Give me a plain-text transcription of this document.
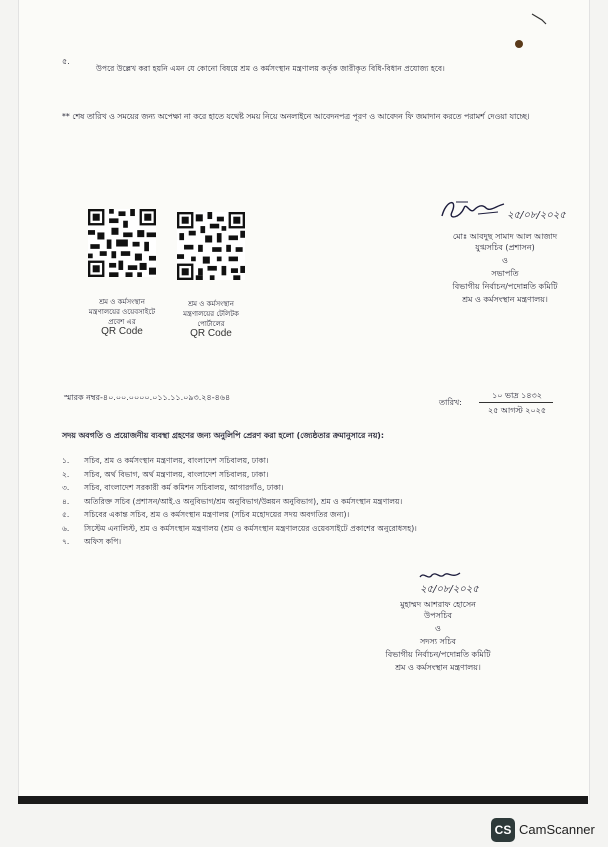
৫.
উপরে উল্লেখ করা হয়নি এমন যে কোনো বিষয়ে শ্রম ও কর্মসংস্থান মন্ত্রণালয় কর্তৃক জারীকৃত বিধি-বিধান প্রযোজ্য হবে।
** শেষ তারিখ ও সময়ের জন্য অপেক্ষা না করে হাতে যথেষ্ট সময় নিয়ে অনলাইনে আবেদনপত্র পূরণ ও আবেদন ফি জমাদান করতে পরামর্শ দেওয়া যাচ্ছে।
শ্রম ও কর্মসংস্থান
মন্ত্রণালয়ের ওয়েবসাইটে
প্রবেশ এর
QR Code
শ্রম ও কর্মসংস্থান
মন্ত্রণালয়ের টেলিটক
পোর্টালের
QR Code
২৫/০৮/২০২৫
মোঃ আবদুছ সামাদ আল আজাদ
যুগ্মসচিব (প্রশাসন)
ও
সভাপতি
বিভাগীয় নির্বাচন/পদোন্নতি কমিটি
শ্রম ও কর্মসংস্থান মন্ত্রণালয়।
স্মারক নম্বর-৪০.০০.০০০০.০১১.১১.০৯৩.২৪-৪৬৪
তারিখ:
১০ ভাদ্র ১৪৩২
২৫ আগস্ট ২০২৫
সদয় অবগতি ও প্রয়োজনীয় ব্যবস্থা গ্রহণের জন্য অনুলিপি প্রেরণ করা হলো (জ্যেষ্ঠতার ক্রমানুসারে নয়):
১. সচিব, শ্রম ও কর্মসংস্থান মন্ত্রণালয়, বাংলাদেশ সচিবালয়, ঢাকা।
২. সচিব, অর্থ বিভাগ, অর্থ মন্ত্রণালয়, বাংলাদেশ সচিবালয়, ঢাকা।
৩. সচিব, বাংলাদেশ সরকারী কর্ম কমিশন সচিবালয়, আগারগাঁও, ঢাকা।
৪. অতিরিক্ত সচিব (প্রশাসন/আই.ও অনুবিভাগ/শ্রম অনুবিভাগ/উন্নয়ন অনুবিভাগ), শ্রম ও কর্মসংস্থান মন্ত্রণালয়।
৫. সচিবের একান্ত সচিব, শ্রম ও কর্মসংস্থান মন্ত্রণালয় (সচিব মহোদয়ের সদয় অবগতির জন্য)।
৬. সিস্টেম এনালিস্ট, শ্রম ও কর্মসংস্থান মন্ত্রণালয় (শ্রম ও কর্মসংস্থান মন্ত্রণালয়ের ওয়েবসাইটে প্রকাশের অনুরোধসহ)।
৭. অফিস কপি।
২৫/০৮/২০২৫
মুহাম্মদ আশরাফ হোসেন
উপসচিব
ও
সদস্য সচিব
বিভাগীয় নির্বাচন/পদোন্নতি কমিটি
শ্রম ও কর্মসংস্থান মন্ত্রণালয়।
CS CamScanner
